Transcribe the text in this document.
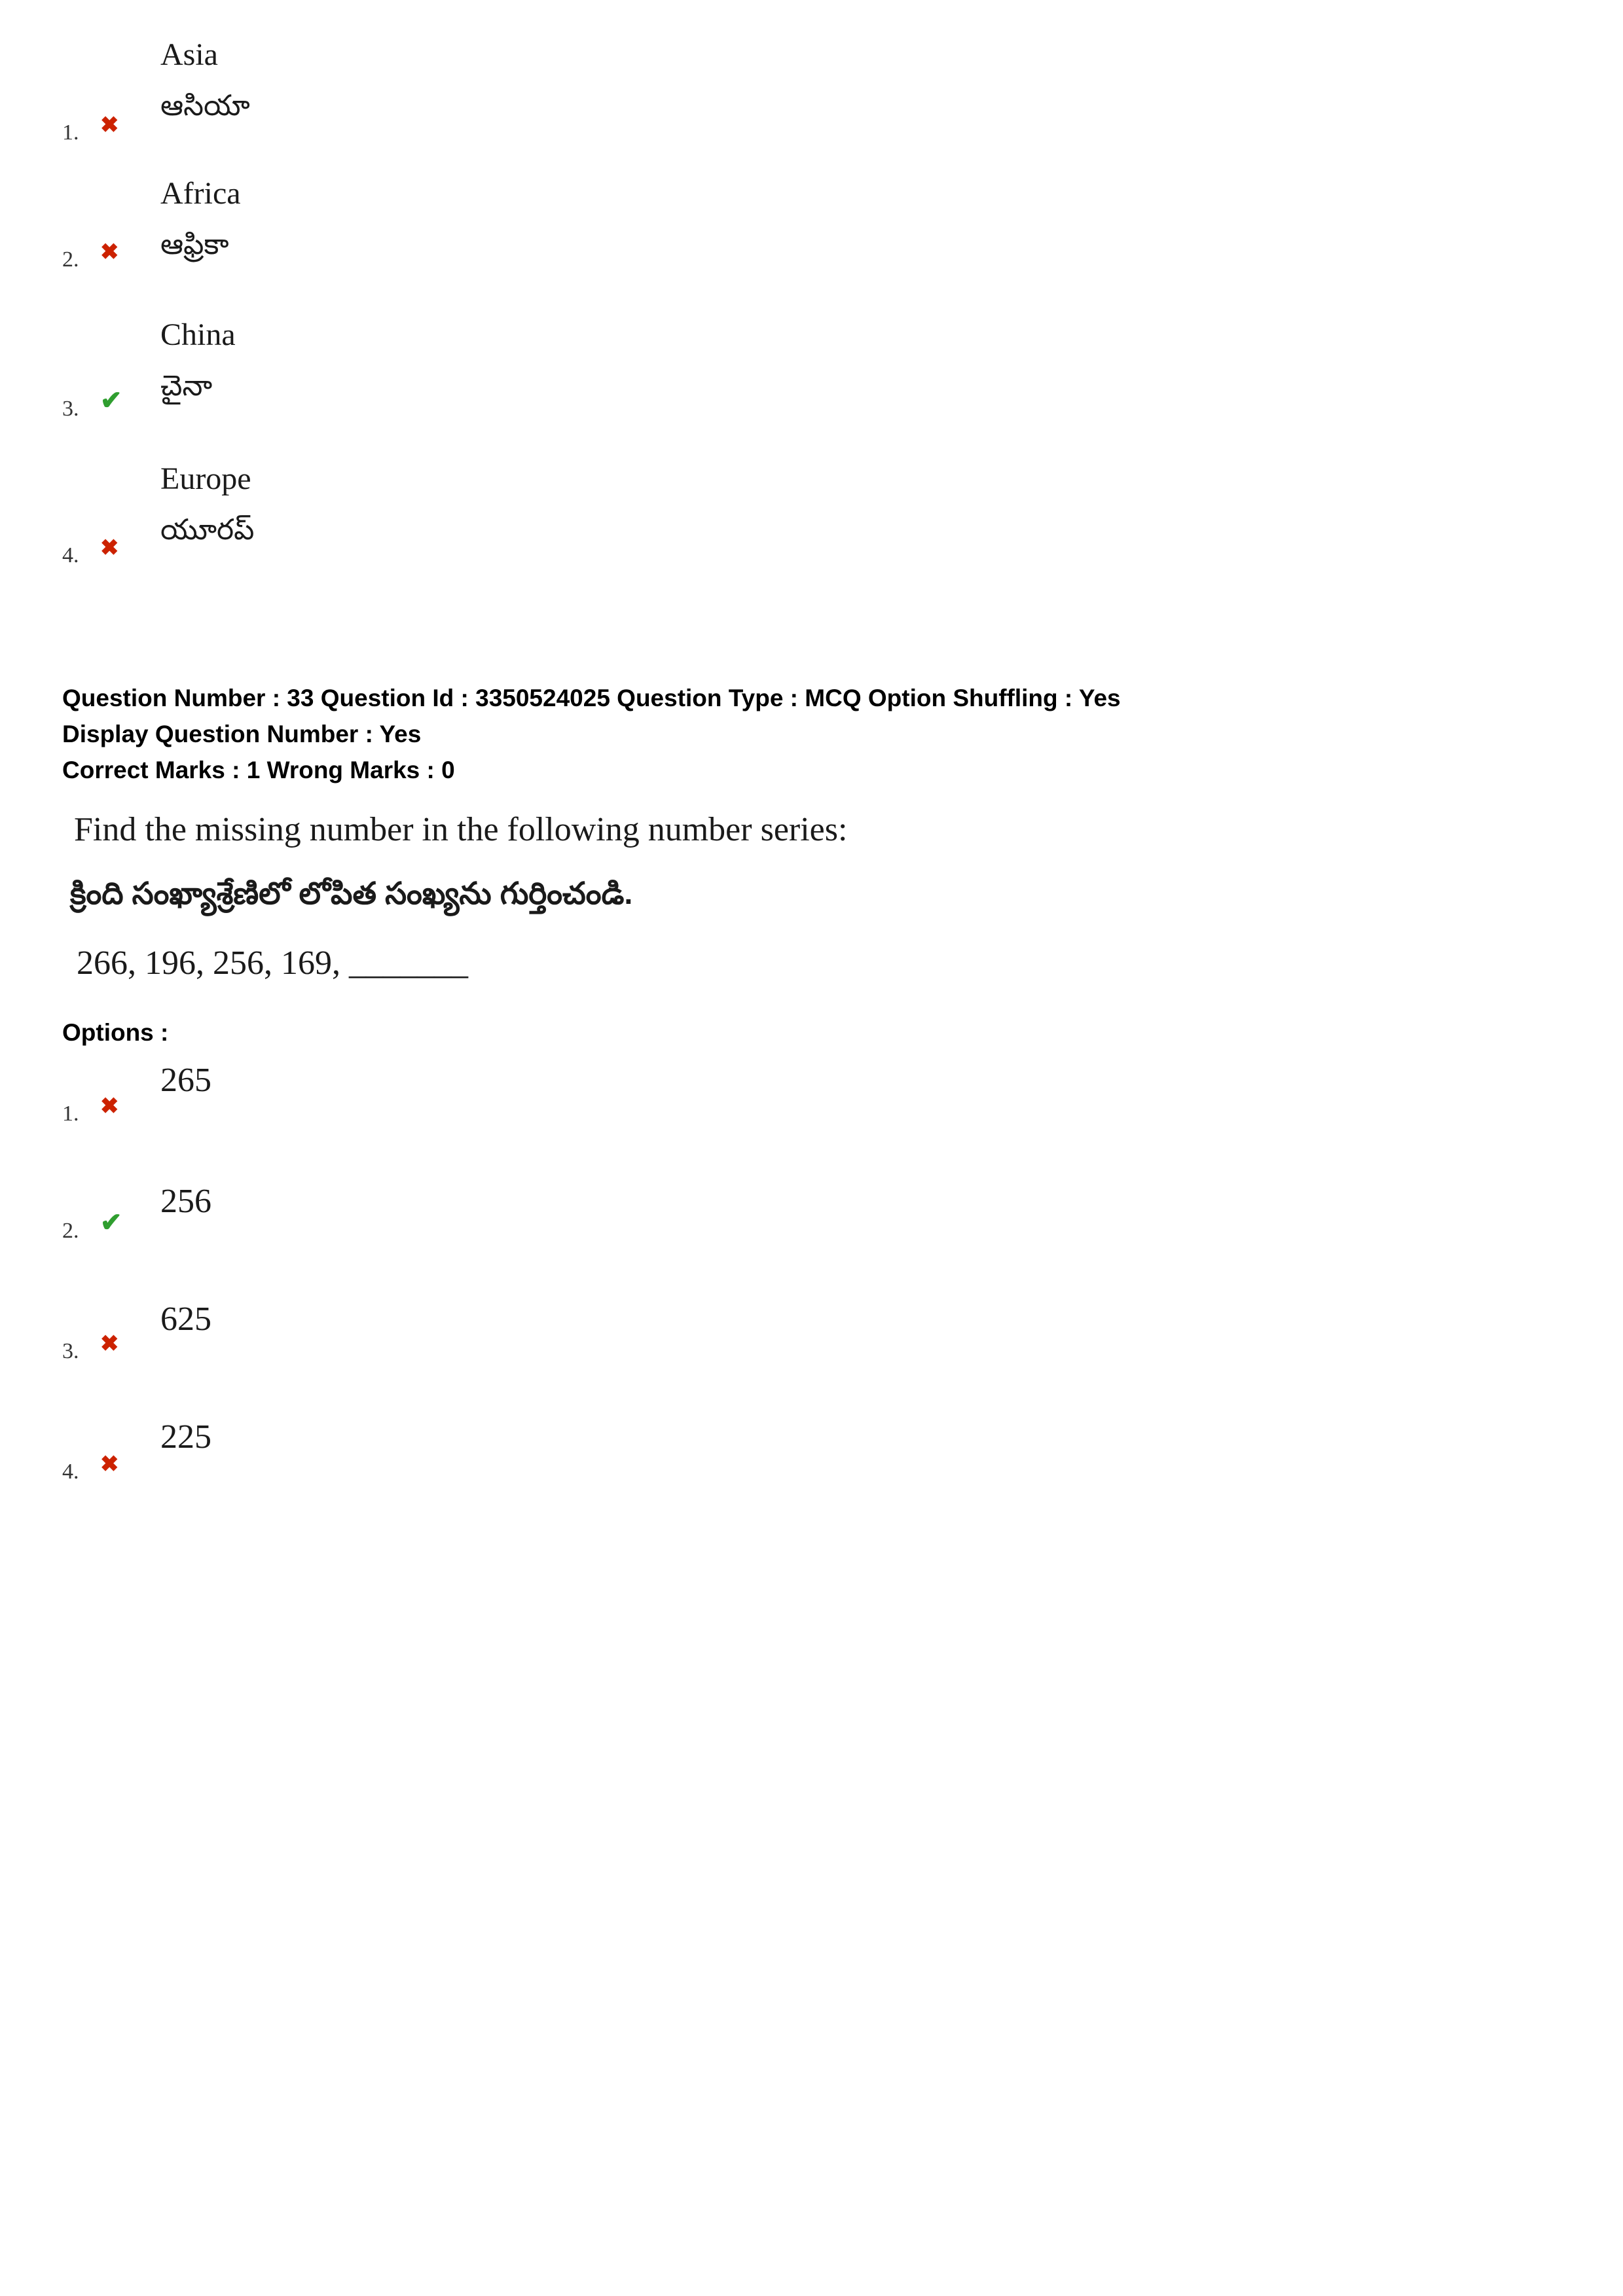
1. ✖
Asia
ఆసియా
2. ✖
Africa
ఆఫ్రికా
3. ✔
China
చైనా
4. ✖
Europe
యూరప్
Question Number : 33 Question Id : 3350524025 Question Type : MCQ Option Shuffling : Yes
Display Question Number : Yes
Correct Marks : 1 Wrong Marks : 0
Find the missing number in the following number series:
క్రింది సంఖ్యాశ్రేణిలో లోపిత సంఖ్యను గుర్తించండి.
266, 196, 256, 169, _______
Options :
1. ✖
265
2. ✔
256
3. ✖
625
4. ✖
225
